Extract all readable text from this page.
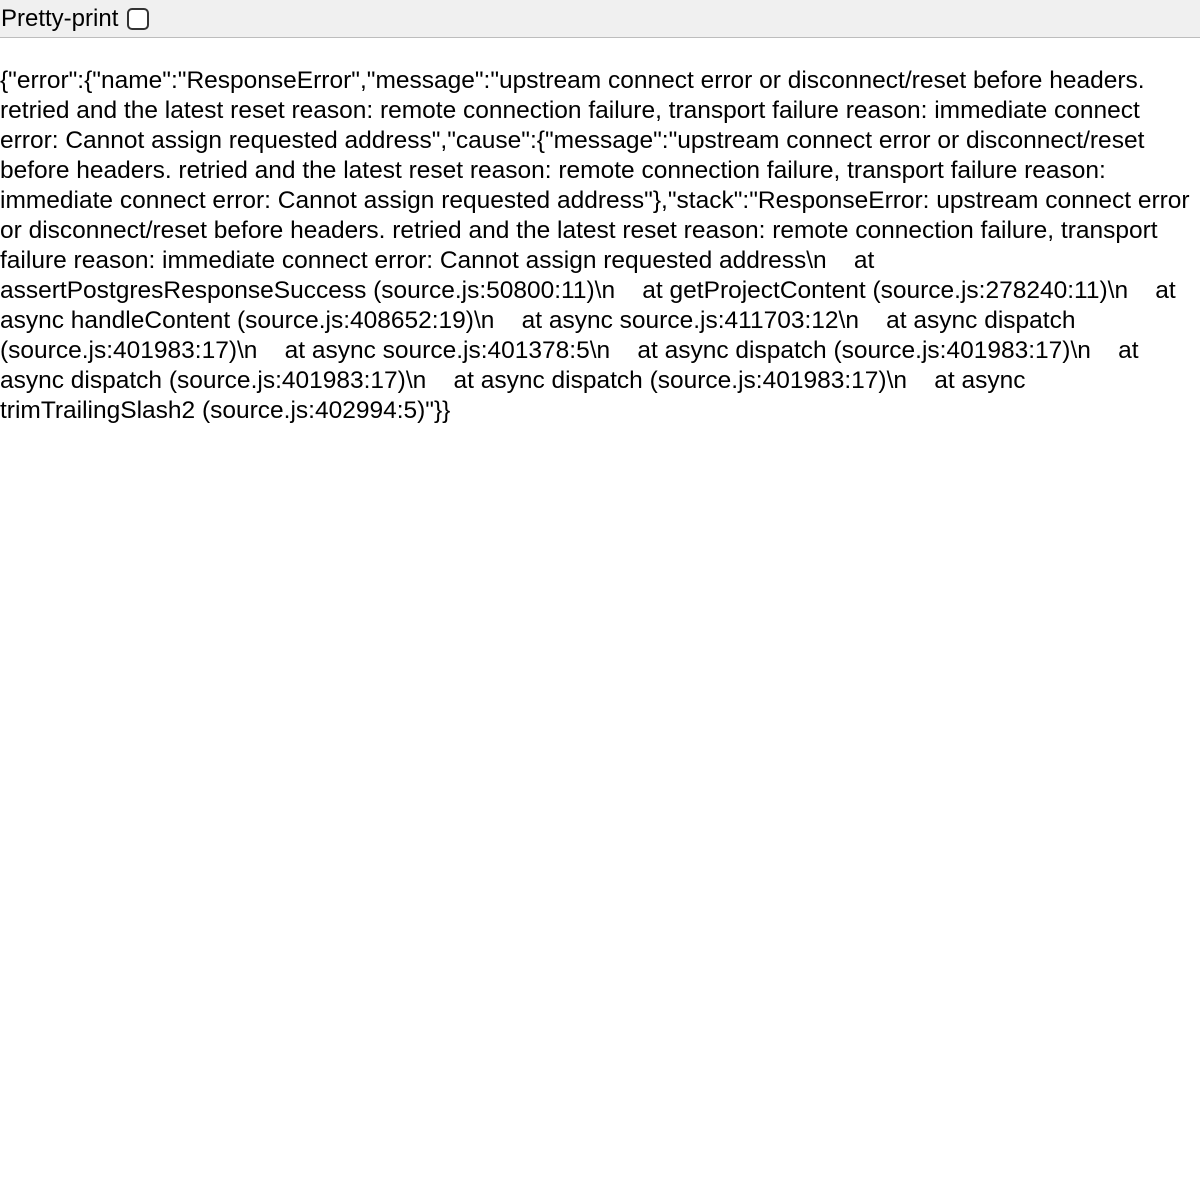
Pretty-print
{"error":{"name":"ResponseError","message":"upstream connect error or disconnect/reset before headers. retried and the latest reset reason: remote connection failure, transport failure reason: immediate connect error: Cannot assign requested address","cause":{"message":"upstream connect error or disconnect/reset before headers. retried and the latest reset reason: remote connection failure, transport failure reason: immediate connect error: Cannot assign requested address"},"stack":"ResponseError: upstream connect error or disconnect/reset before headers. retried and the latest reset reason: remote connection failure, transport failure reason: immediate connect error: Cannot assign requested address\n    at assertPostgresResponseSuccess (source.js:50800:11)\n    at getProjectContent (source.js:278240:11)\n    at async handleContent (source.js:408652:19)\n    at async source.js:411703:12\n    at async dispatch (source.js:401983:17)\n    at async source.js:401378:5\n    at async dispatch (source.js:401983:17)\n    at async dispatch (source.js:401983:17)\n    at async dispatch (source.js:401983:17)\n    at async trimTrailingSlash2 (source.js:402994:5)"}}
